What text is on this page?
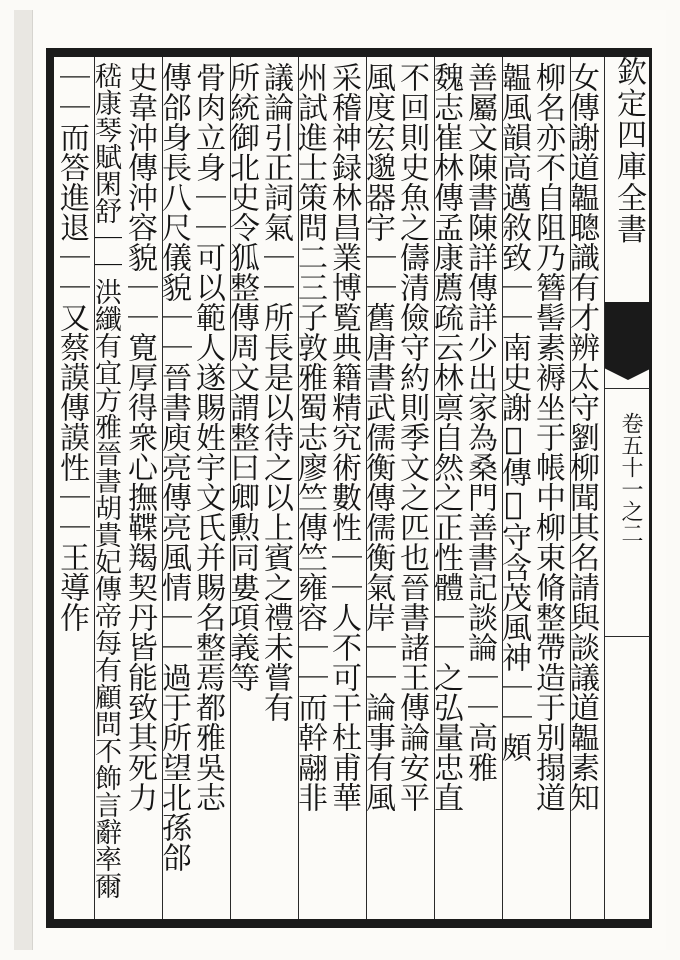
欽定四庫全書
卷五十一之二
女傳謝道韞聰識有才辨太守劉柳聞其名請與談議道韞素知
柳名亦不自阻乃簪髻素褥坐于帳中柳束脩整帶造于别搨道
韞風韻高邁敘致｜｜南史謝𣆀傳𣆀守含茂風神｜｜頗
善屬文陳書陳詳傳詳少出家為桑門善書記談論｜｜高雅
魏志崔林傳孟康薦疏云林禀自然之正性體｜｜之弘量忠直
不回則史魚之儔清儉守約則季文之匹也晉書諸王傳論安平
風度宏邈器宇｜｜舊唐書武儒衡傳儒衡氣岸｜｜論事有風
采稽神録林昌業博覧典籍精究術數性｜｜人不可干杜甫華
州試進士策問二三子敦雅蜀志廖竺傳竺雍容｜｜而幹翮非
議論引正詞氣｜｜所長是以待之以上賓之禮未嘗有
所統御北史令狐整傳周文謂整曰卿勲同婁項義等
骨肉立身｜｜可以範人遂賜姓宇文氏并賜名整焉都雅吳志
傳郃身長八尺儀貌｜｜晉書庾亮傳亮風情｜｜過于所望北孫郃
史韋沖傳沖容貌｜｜寛厚得衆心撫鞢羯契丹皆能致其死力
嵇康琴賦閑舒｜｜洪纖有宜方雅晉書胡貴妃傳帝每有顧問不飾言辭率爾
｜｜而答進退｜｜又蔡謨傳謨性｜｜王導作
